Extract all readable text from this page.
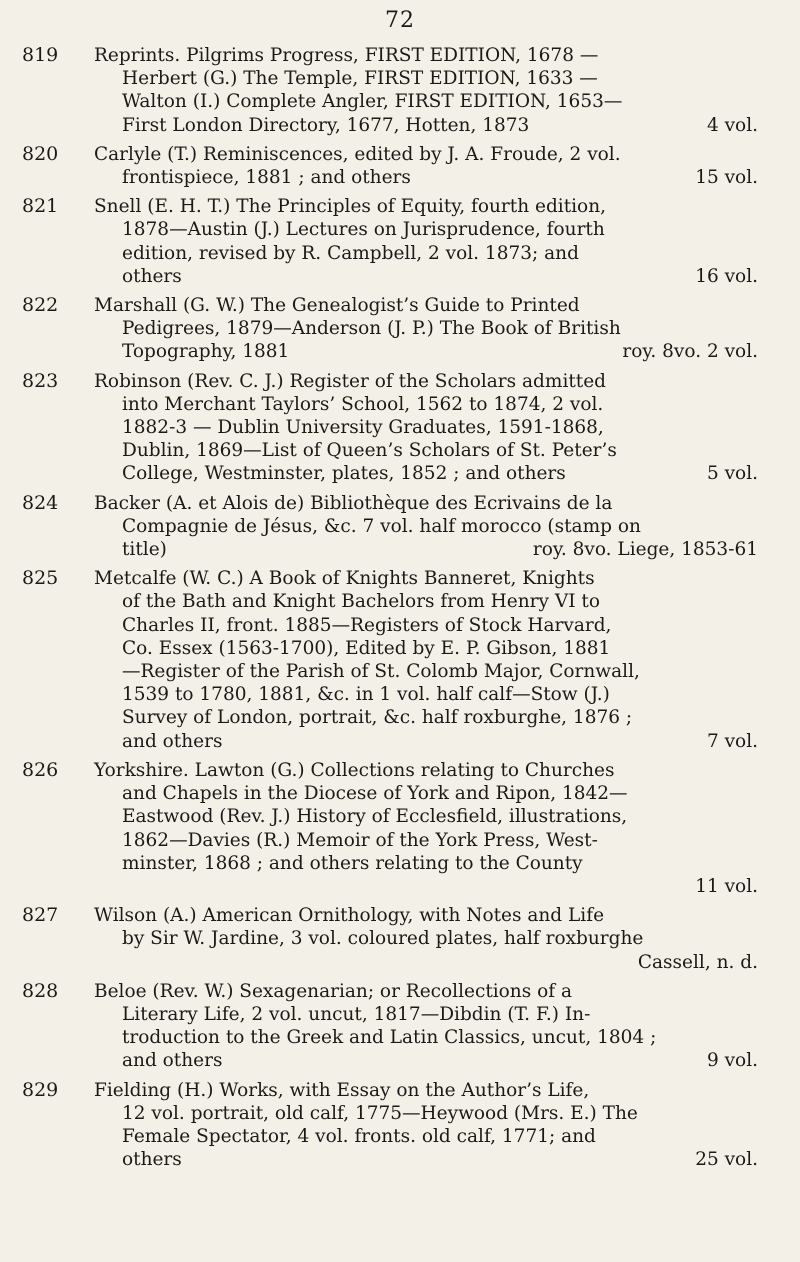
72
819 Reprints. Pilgrims Progress, FIRST EDITION, 1678 —
Herbert (G.) The Temple, FIRST EDITION, 1633 —
Walton (I.) Complete Angler, FIRST EDITION, 1653—
First London Directory, 1677, Hotten, 1873	4 vol.
820 Carlyle (T.) Reminiscences, edited by J. A. Froude, 2 vol.
frontispiece, 1881 ; and others	15 vol.
821 Snell (E. H. T.) The Principles of Equity, fourth edition,
1878—Austin (J.) Lectures on Jurisprudence, fourth
edition, revised by R. Campbell, 2 vol. 1873; and
others	16 vol.
822 Marshall (G. W.) The Genealogist’s Guide to Printed
Pedigrees, 1879—Anderson (J. P.) The Book of British
Topography, 1881	roy. 8vo. 2 vol.
823 Robinson (Rev. C. J.) Register of the Scholars admitted
into Merchant Taylors’ School, 1562 to 1874, 2 vol.
1882-3 — Dublin University Graduates, 1591-1868,
Dublin, 1869—List of Queen’s Scholars of St. Peter’s
College, Westminster, plates, 1852 ; and others	5 vol.
824 Backer (A. et Alois de) Bibliothèque des Ecrivains de la
Compagnie de Jésus, &c. 7 vol. half morocco (stamp on
title)	roy. 8vo. Liege, 1853-61
825 Metcalfe (W. C.) A Book of Knights Banneret, Knights
of the Bath and Knight Bachelors from Henry VI to
Charles II, front. 1885—Registers of Stock Harvard,
Co. Essex (1563-1700), Edited by E. P. Gibson, 1881
—Register of the Parish of St. Colomb Major, Cornwall,
1539 to 1780, 1881, &c. in 1 vol. half calf—Stow (J.)
Survey of London, portrait, &c. half roxburghe, 1876 ;
and others	7 vol.
826 Yorkshire. Lawton (G.) Collections relating to Churches
and Chapels in the Diocese of York and Ripon, 1842—
Eastwood (Rev. J.) History of Ecclesfield, illustrations,
1862—Davies (R.) Memoir of the York Press, West-
minster, 1868 ; and others relating to the County
11 vol.
827 Wilson (A.) American Ornithology, with Notes and Life
by Sir W. Jardine, 3 vol. coloured plates, half roxburghe
Cassell, n. d.
828 Beloe (Rev. W.) Sexagenarian; or Recollections of a
Literary Life, 2 vol. uncut, 1817—Dibdin (T. F.) In-
troduction to the Greek and Latin Classics, uncut, 1804 ;
and others	9 vol.
829 Fielding (H.) Works, with Essay on the Author’s Life,
12 vol. portrait, old calf, 1775—Heywood (Mrs. E.) The
Female Spectator, 4 vol. fronts. old calf, 1771; and
others	25 vol.
